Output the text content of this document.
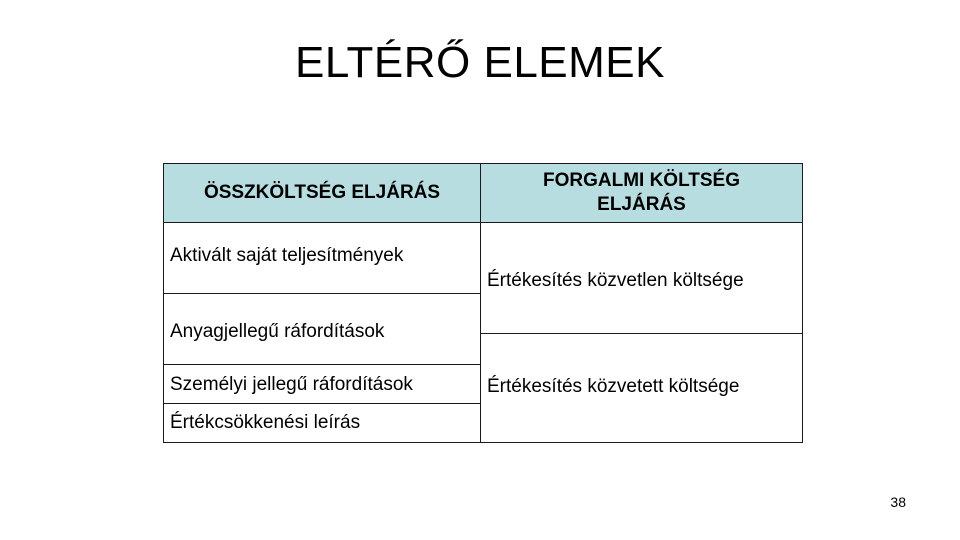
ELTÉRŐ ELEMEK
ÖSSZKÖLTSÉG ELJÁRÁS
Aktivált saját teljesítmények
Anyagjellegű ráfordítások
Személyi jellegű ráfordítások
Értékcsökkenési leírás
FORGALMI KÖLTSÉG
ELJÁRÁS
Értékesítés közvetlen költsége
Értékesítés közvetett költsége
38
